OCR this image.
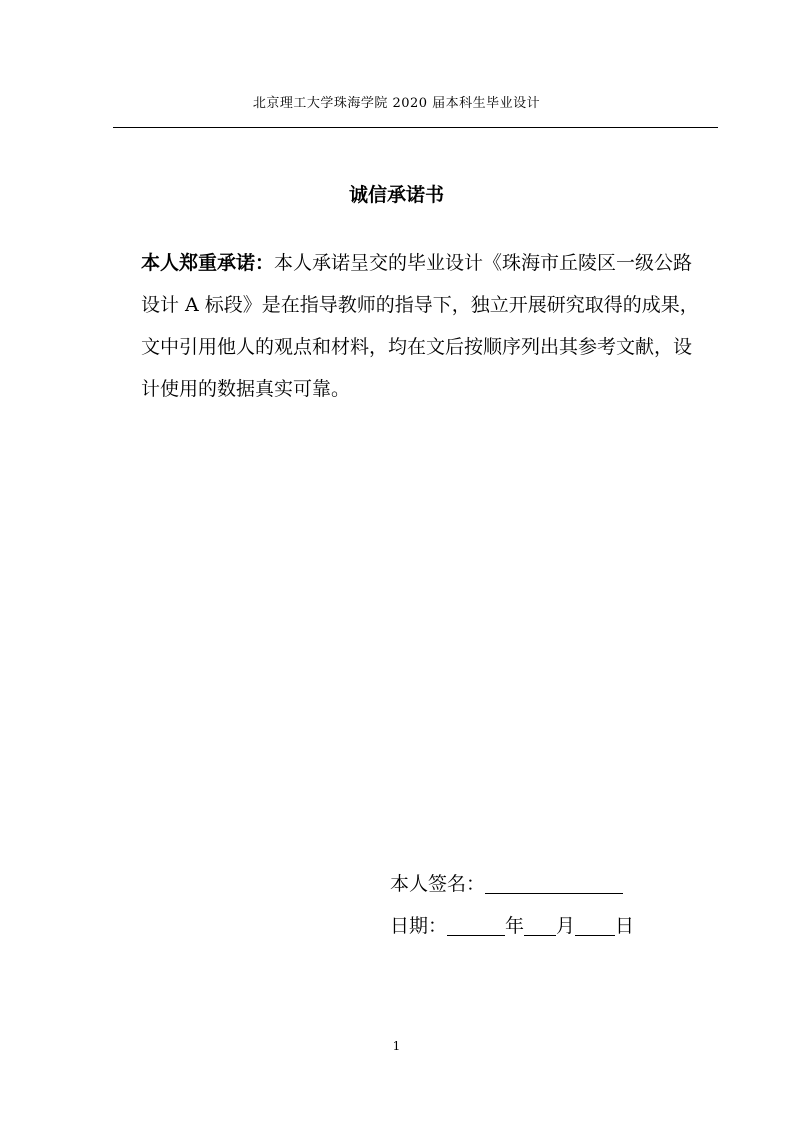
北京理工大学珠海学院 2020 届本科生毕业设计
诚信承诺书

本人郑重承诺：本人承诺呈交的毕业设计《珠海市丘陵区一级公路设计 A 标段》是在指导教师的指导下，独立开展研究取得的成果，文中引用他人的观点和材料，均在文后按顺序列出其参考文献，设计使用的数据真实可靠。

本人签名：
日期：	年 月 日
1
